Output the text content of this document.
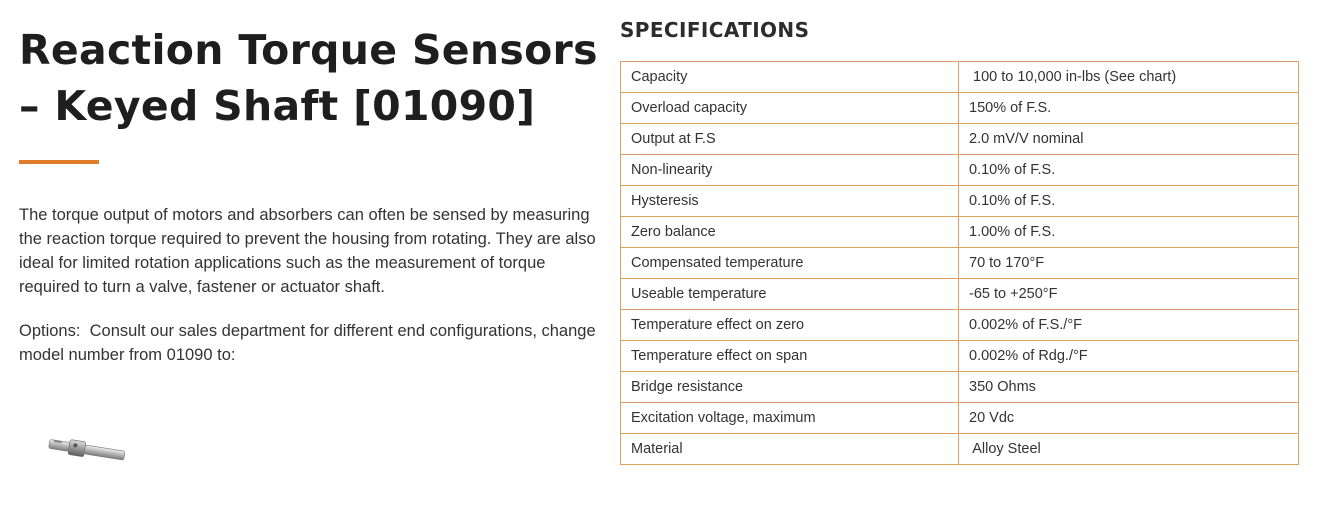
Reaction Torque Sensors – Keyed Shaft [01090]

The torque output of motors and absorbers can often be sensed by measuring the reaction torque required to prevent the housing from rotating. They are also ideal for limited rotation applications such as the measurement of torque required to turn a valve, fastener or actuator shaft.

Options:  Consult our sales department for different end configurations, change model number from 01090 to:

SPECIFICATIONS
Capacity	100 to 10,000 in-lbs (See chart)
Overload capacity	150% of F.S.
Output at F.S	2.0 mV/V nominal
Non-linearity	0.10% of F.S.
Hysteresis	0.10% of F.S.
Zero balance	1.00% of F.S.
Compensated temperature	70 to 170°F
Useable temperature	-65 to +250°F
Temperature effect on zero	0.002% of F.S./°F
Temperature effect on span	0.002% of Rdg./°F
Bridge resistance	350 Ohms
Excitation voltage, maximum	20 Vdc
Material	Alloy Steel
